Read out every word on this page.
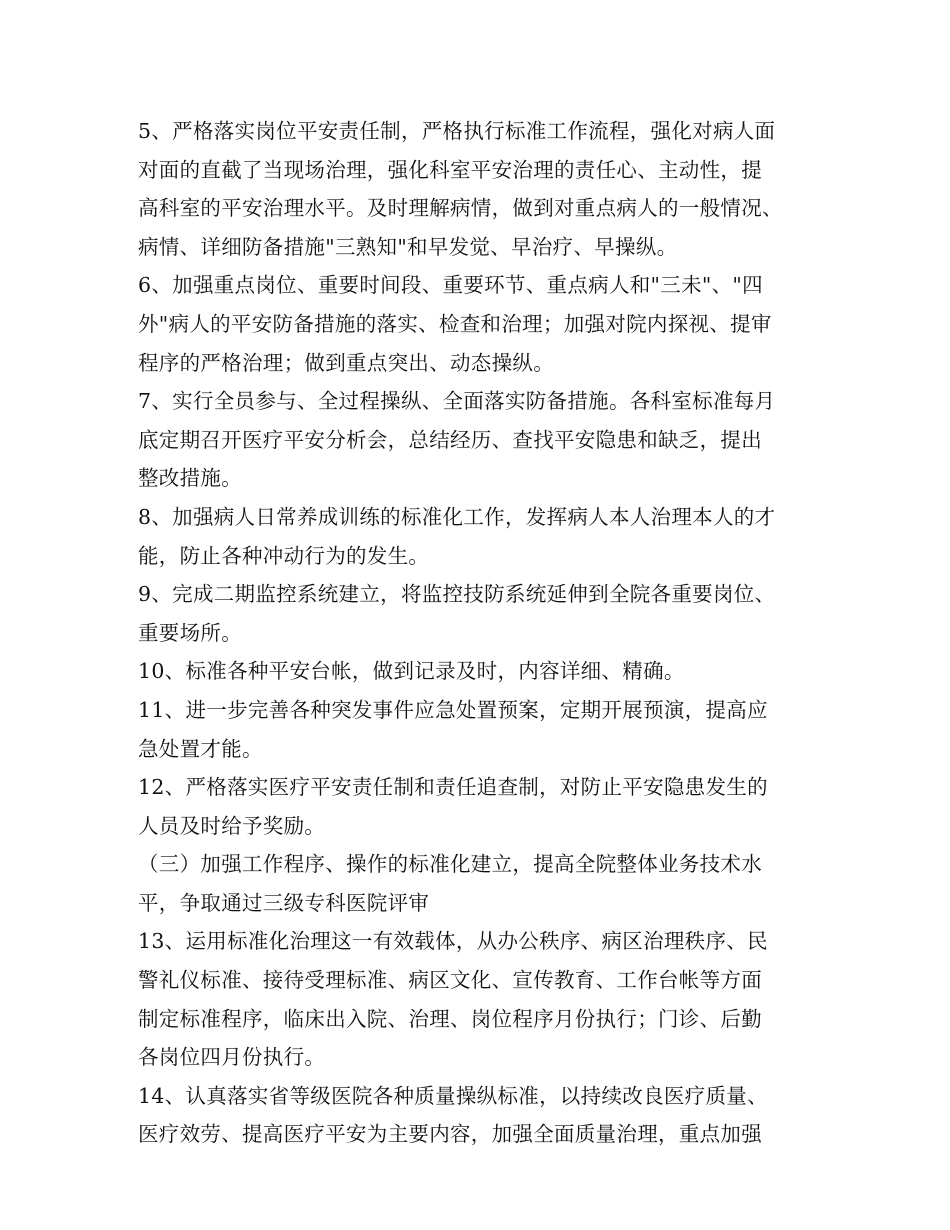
5、严格落实岗位平安责任制，严格执行标准工作流程，强化对病人面
对面的直截了当现场治理，强化科室平安治理的责任心、主动性，提
高科室的平安治理水平。及时理解病情，做到对重点病人的一般情况、
病情、详细防备措施"三熟知"和早发觉、早治疗、早操纵。
6、加强重点岗位、重要时间段、重要环节、重点病人和"三未"、"四
外"病人的平安防备措施的落实、检查和治理；加强对院内探视、提审
程序的严格治理；做到重点突出、动态操纵。
7、实行全员参与、全过程操纵、全面落实防备措施。各科室标准每月
底定期召开医疗平安分析会，总结经历、查找平安隐患和缺乏，提出
整改措施。
8、加强病人日常养成训练的标准化工作，发挥病人本人治理本人的才
能，防止各种冲动行为的发生。
9、完成二期监控系统建立，将监控技防系统延伸到全院各重要岗位、
重要场所。
10、标准各种平安台帐，做到记录及时，内容详细、精确。
11、进一步完善各种突发事件应急处置预案，定期开展预演，提高应
急处置才能。
12、严格落实医疗平安责任制和责任追查制，对防止平安隐患发生的
人员及时给予奖励。
（三）加强工作程序、操作的标准化建立，提高全院整体业务技术水
平，争取通过三级专科医院评审
13、运用标准化治理这一有效载体，从办公秩序、病区治理秩序、民
警礼仪标准、接待受理标准、病区文化、宣传教育、工作台帐等方面
制定标准程序，临床出入院、治理、岗位程序月份执行；门诊、后勤
各岗位四月份执行。
14、认真落实省等级医院各种质量操纵标准，以持续改良医疗质量、
医疗效劳、提高医疗平安为主要内容，加强全面质量治理，重点加强
